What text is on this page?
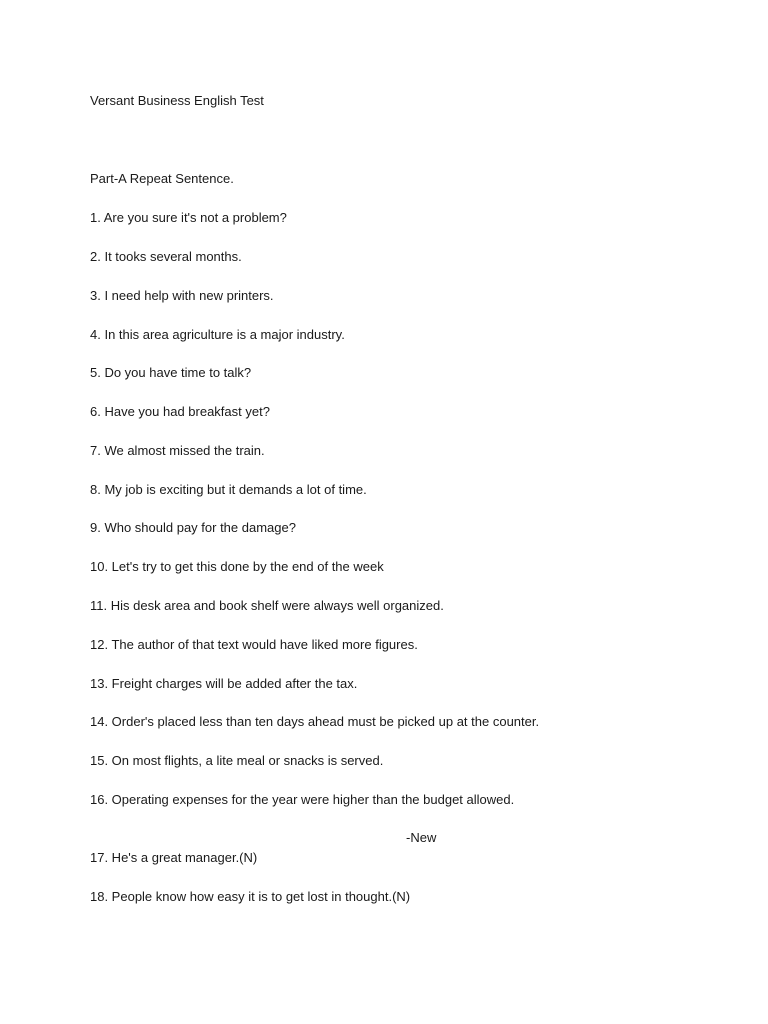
Versant Business English Test
Part-A Repeat Sentence.
1. Are you sure it's not a problem?
2. It tooks several months.
3. I need help with new printers.
4. In this area agriculture is a major industry.
5. Do you have time to talk?
6. Have you had breakfast yet?
7. We almost missed the train.
8. My job is exciting but it demands a lot of time.
9. Who should pay for the damage?
10. Let's try to get this done by the end of the week
11. His desk area and book shelf were always well organized.
12. The author of that text would have liked more figures.
13. Freight charges will be added after the tax.
14. Order's placed less than ten days ahead must be picked up at the counter.
15. On most flights, a lite meal or snacks is served.
16. Operating expenses for the year were higher than the budget allowed.
-New
17. He's a great manager.(N)
18. People know how easy it is to get lost in thought.(N)
